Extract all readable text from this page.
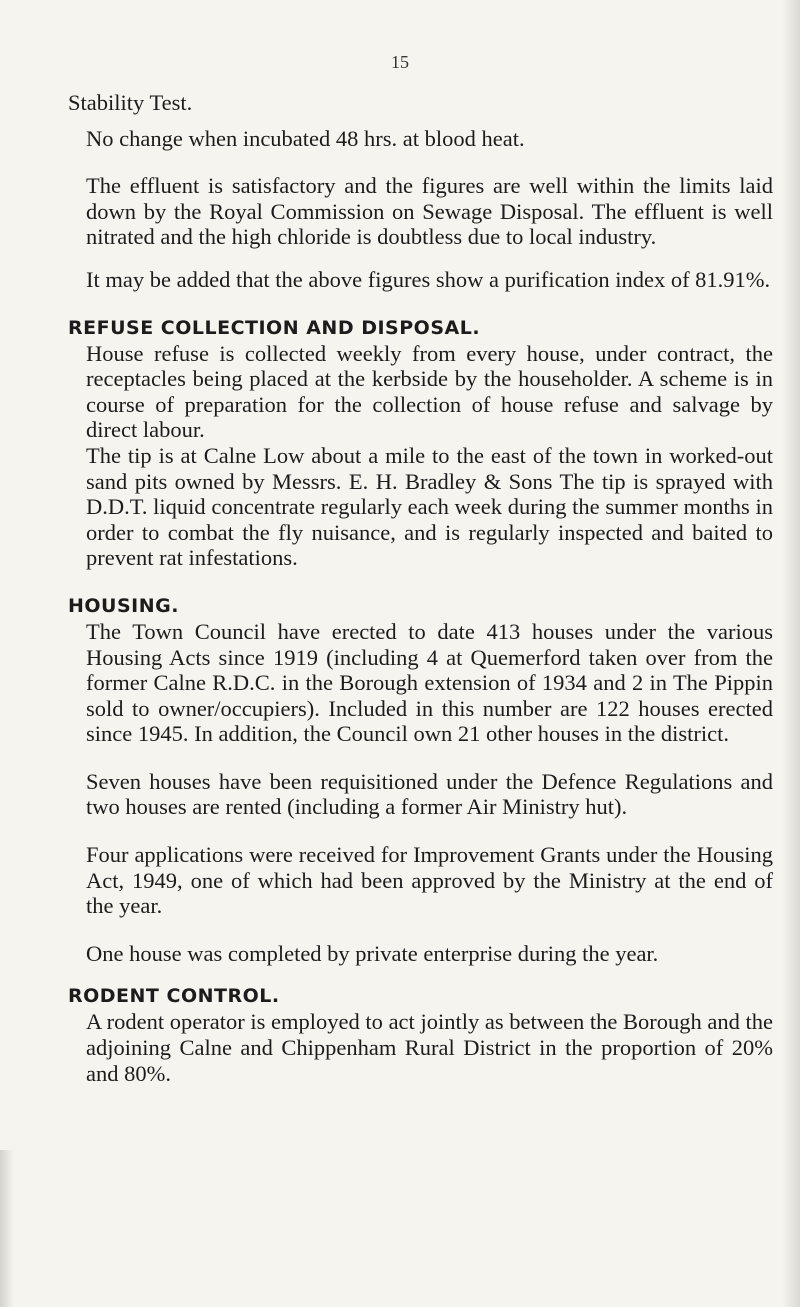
15

Stability Test.

No change when incubated 48 hrs. at blood heat.

The effluent is satisfactory and the figures are well within the limits laid down by the Royal Commission on Sewage Disposal. The effluent is well nitrated and the high chloride is doubtless due to local industry.

It may be added that the above figures show a purification index of 81.91%.

REFUSE COLLECTION AND DISPOSAL.

House refuse is collected weekly from every house, under contract, the receptacles being placed at the kerbside by the householder. A scheme is in course of preparation for the collection of house refuse and salvage by direct labour.

The tip is at Calne Low about a mile to the east of the town in worked-out sand pits owned by Messrs. E. H. Bradley & Sons The tip is sprayed with D.D.T. liquid concentrate regularly each week during the summer months in order to combat the fly nuisance, and is regularly inspected and baited to prevent rat infestations.

HOUSING.

The Town Council have erected to date 413 houses under the various Housing Acts since 1919 (including 4 at Quemerford taken over from the former Calne R.D.C. in the Borough extension of 1934 and 2 in The Pippin sold to owner/occupiers). Included in this number are 122 houses erected since 1945. In addition, the Council own 21 other houses in the district.

Seven houses have been requisitioned under the Defence Regulations and two houses are rented (including a former Air Ministry hut).

Four applications were received for Improvement Grants under the Housing Act, 1949, one of which had been approved by the Ministry at the end of the year.

One house was completed by private enterprise during the year.

RODENT CONTROL.

A rodent operator is employed to act jointly as between the Borough and the adjoining Calne and Chippenham Rural District in the proportion of 20% and 80%.
